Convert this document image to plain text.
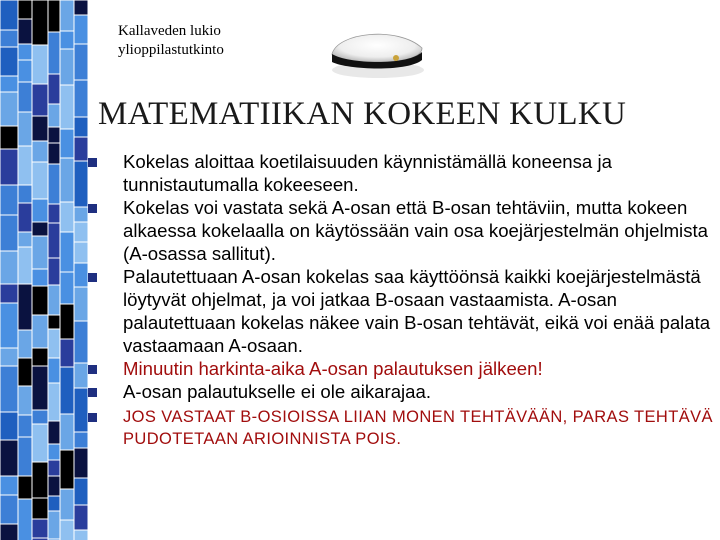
Kallaveden lukio
ylioppilastutkinto
MATEMATIIKAN KOKEEN KULKU
Kokelas aloittaa koetilaisuuden käynnistämällä koneensa ja tunnistautumalla kokeeseen.
Kokelas voi vastata sekä A-osan että B-osan tehtäviin, mutta kokeen alkaessa kokelaalla on käytössään vain osa koejärjestelmän ohjelmista (A-osassa sallitut).
Palautettuaan A-osan kokelas saa käyttöönsä kaikki koejärjestelmästä löytyvät ohjelmat, ja voi jatkaa B-osaan vastaamista. A-osan palautettuaan kokelas näkee vain B-osan tehtävät, eikä voi enää palata vastaamaan A-osaan.
Minuutin harkinta-aika A-osan palautuksen jälkeen!
A-osan palautukselle ei ole aikarajaa.
JOS VASTAAT B-OSIOISSA LIIAN MONEN TEHTÄVÄÄN, PARAS TEHTÄVÄ PUDOTETAAN ARIOINNISTA POIS.
